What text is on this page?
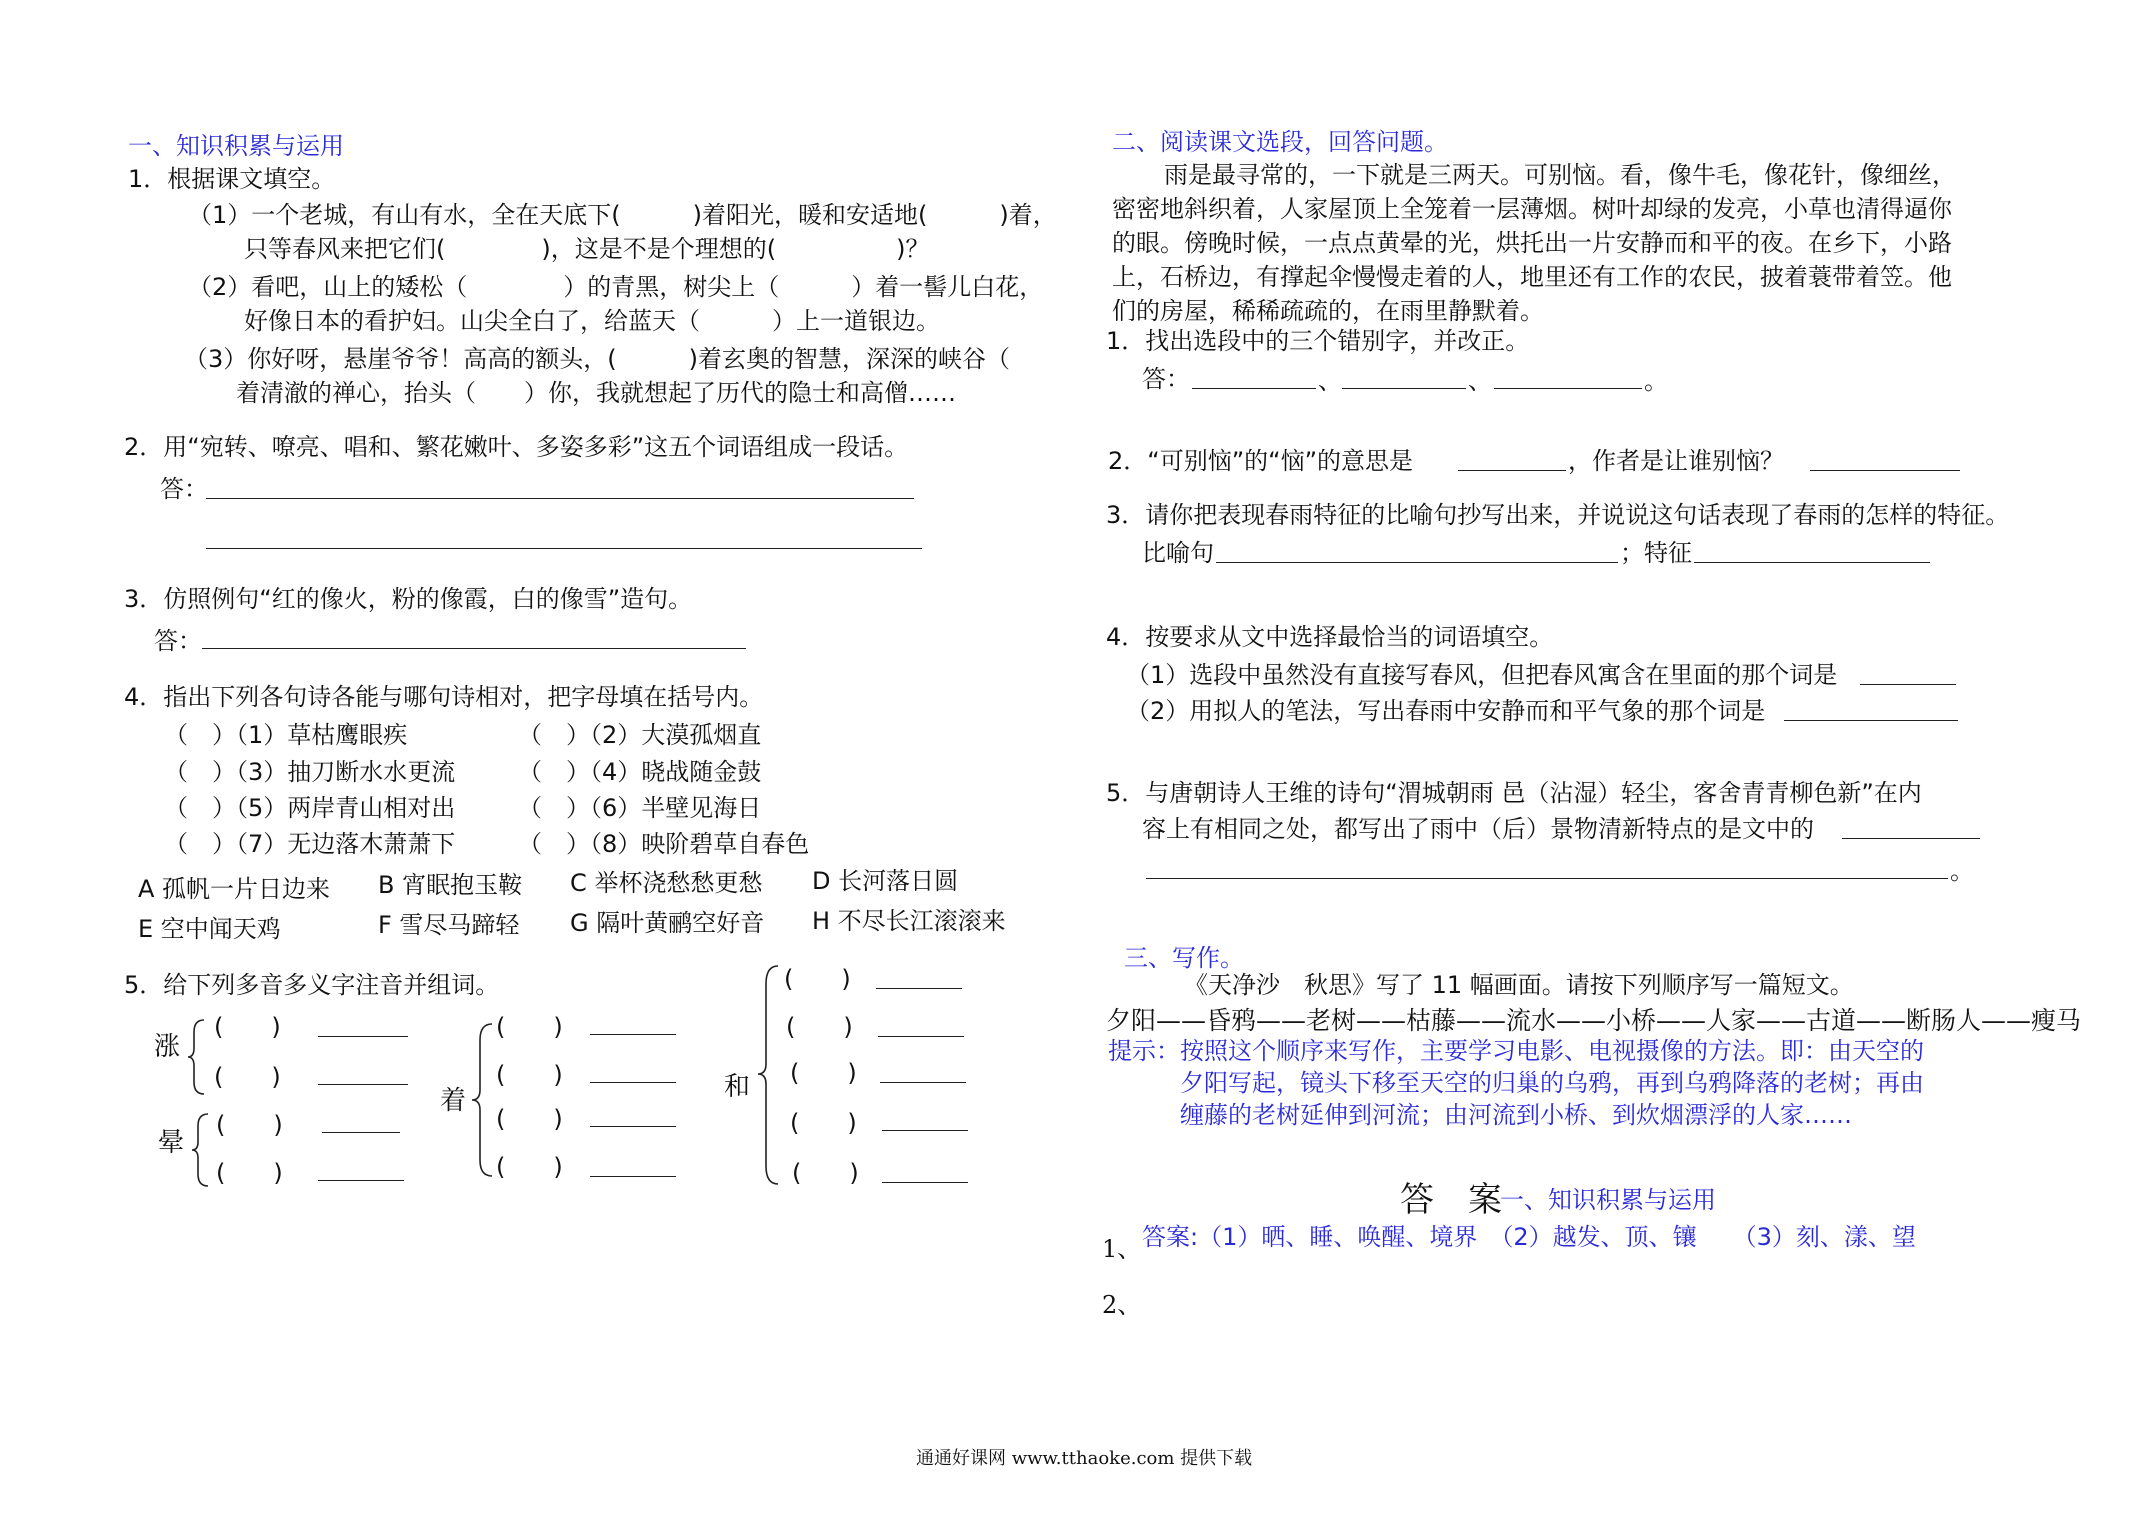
一、知识积累与运用
1．根据课文填空。
（1）一个老城，有山有水，全在天底下(　　　)着阳光，暖和安适地(　　　)着，
只等春风来把它们(　　　　)，这是不是个理想的(　　　　　)？
（2）看吧，山上的矮松（　　　　）的青黑，树尖上（　　　）着一髻儿白花，
好像日本的看护妇。山尖全白了，给蓝天（　　　）上一道银边。
（3）你好呀，悬崖爷爷！高高的额头，(　　　)着玄奥的智慧，深深的峡谷（
着清澈的禅心，抬头（　　）你，我就想起了历代的隐士和高僧……
2．用“宛转、嘹亮、唱和、繁花嫩叶、多姿多彩”这五个词语组成一段话。
答：
3．仿照例句“红的像火，粉的像霞，白的像雪”造句。
答：
4．指出下列各句诗各能与哪句诗相对，把字母填在括号内。
（　）（1）草枯鹰眼疾	（　）（2）大漠孤烟直
（　）（3）抽刀断水水更流	（　）（4）晓战随金鼓
（　）（5）两岸青山相对出	（　）（6）半壁见海日
（　）（7）无边落木萧萧下	（　）（8）映阶碧草自春色
A 孤帆一片日边来 B 宵眠抱玉鞍 C 举杯浇愁愁更愁 D 长河落日圆
E 空中闻天鸡	F 雪尽马蹄轻 G 隔叶黄鹂空好音 H 不尽长江滚滚来
5．给下列多音多义字注音并组词。
涨
(　　)
(　　)
晕
(　　)
(　　)
着
(　　)
(　　)
(　　)
(　　)
和
(　　)
(　　)
(　　)
(　　)
(　　)
二、阅读课文选段，回答问题。
雨是最寻常的，一下就是三两天。可别恼。看，像牛毛，像花针，像细丝，
密密地斜织着，人家屋顶上全笼着一层薄烟。树叶却绿的发亮，小草也清得逼你
的眼。傍晚时候，一点点黄晕的光，烘托出一片安静而和平的夜。在乡下，小路
上，石桥边，有撑起伞慢慢走着的人，地里还有工作的农民，披着蓑带着笠。他
们的房屋，稀稀疏疏的，在雨里静默着。
1．找出选段中的三个错别字，并改正。
答：	、	、	。
2．“可别恼”的“恼”的意思是	，作者是让谁别恼？
3．请你把表现春雨特征的比喻句抄写出来，并说说这句话表现了春雨的怎样的特征。
比喻句	；特征
4．按要求从文中选择最恰当的词语填空。
（1）选段中虽然没有直接写春风，但把春风寓含在里面的那个词是
（2）用拟人的笔法，写出春雨中安静而和平气象的那个词是
5．与唐朝诗人王维的诗句“渭城朝雨 邑（沾湿）轻尘，客舍青青柳色新”在内
容上有相同之处，都写出了雨中（后）景物清新特点的是文中的
。
三、写作。
《天净沙　秋思》写了 11 幅画面。请按下列顺序写一篇短文。
夕阳——昏鸦——老树——枯藤——流水——小桥——人家——古道——断肠人——瘦马
提示：按照这个顺序来写作，主要学习电影、电视摄像的方法。即：由天空的
夕阳写起，镜头下移至天空的归巢的乌鸦，再到乌鸦降落的老树；再由
缠藤的老树延伸到河流；由河流到小桥、到炊烟漂浮的人家……
答　案
一、知识积累与运用
1、 答案:（1）晒、睡、唤醒、境界　（2）越发、顶、镶　　（3）刻、漾、望
2、
通通好课网 www.tthaoke.com 提供下载
